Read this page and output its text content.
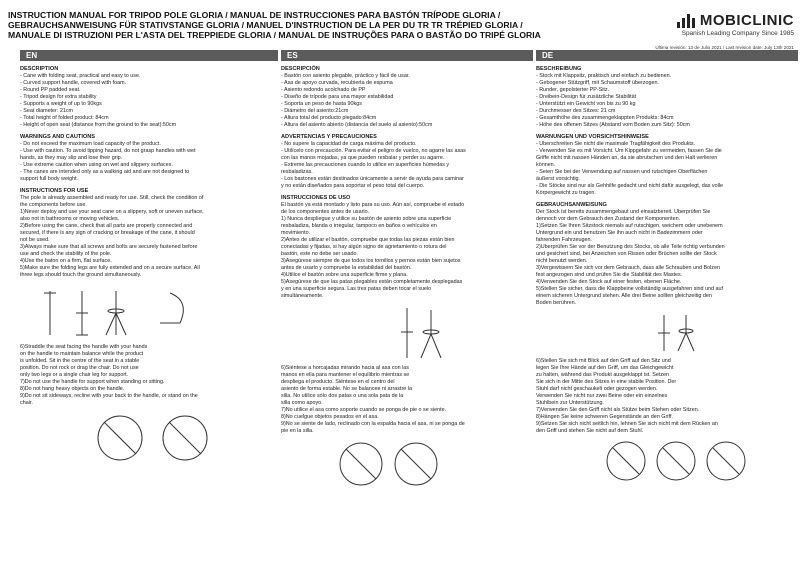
INSTRUCTION MANUAL FOR TRIPOD POLE GLORIA / MANUAL DE INSTRUCCIONES PARA BASTÓN TRÍPODE GLORIA /
GEBRAUCHSANWEISUNG FÜR STATIVSTANGE GLORIA / MANUEL D'INSTRUCTION DE LA PER DU TR TR TRÉPIED GLORIA /
MANUALE DI ISTRUZIONI PER L'ASTA DEL TREPPIEDE GLORIA / MANUAL DE INSTRUÇÕES PARA O BASTÃO DO TRIPÉ GLORIA
MOBICLINIC
Spanish Leading Company Since 1985
Última revisión: 13 de Julio 2021 / Last revision date: July 13th 2021
EN
DESCRIPTION
- Cane with folding seat, practical and easy to use.
- Curved support handle, covered with foam.
- Round PP padded seat.
- Tripod design for extra stability
- Supports a weight of up to 90kgs
- Seat diameter: 21cm
- Total height of folded product: 84cm
- Height of open seat (distance from the ground to the seat):50cm
WARNINGS AND CAUTIONS
- Do not exceed the maximum load capacity of the product.
- Use with caution. To avoid tipping hazard, do not grasp handles with wet
hands, as they may slip and lose their grip.
- Use extreme caution when using on wet and slippery surfaces.
- The canes are intended only as a walking aid and are not designed to
support full body weight.
INSTRUCTIONS FOR USE
The pole is already assembled and ready for use. Still, check the condition of
the components before use.
1)Never deploy and use your seat cane on a slippery, soft or uneven surface,
also not in bathrooms or moving vehicles.
2)Before using the cane, check that all parts are properly connected and
secured, if there is any sign of cracking or breakage of the cane, it should
not be used.
3)Always make sure that all screws and bolts are securely fastened before
use and check the stability of the pole.
4)Use the baton on a firm, flat surface.
5)Make sure the folding legs are fully extended and on a secure surface. All
three legs should touch the ground simultaneously.
6)Straddle the seat facing the handle with your hands
on the handle to maintain balance while the product
is unfolded. Sit in the centre of the seat in a stable
position. Do not rock or drag the chair. Do not use
only two legs or a single chair leg for support.
7)Do not use the handle for support when standing or sitting.
8)Do not hang heavy objects on the handle.
9)Do not sit sideways, recline with your back to the handle, or stand on the
chair.
ES
DESCRIPCIÓN
- Bastón con asiento plegable, práctico y fácil de usar.
- Asa de apoyo curvada, recubierta de espuma
- Asiento redondo acolchado de PP
- Diseño de trípode para una mayor estabilidad
- Soporta un peso de hasta 90kgs
- Diámetro del asiento:21cm
- Altura total del producto plegado:84cm
- Altura del asiento abierto (distancia del suelo al asiento):50cm
ADVERTENCIAS Y PRECAUCIONES
- No supere la capacidad de carga máxima del producto.
- Utilícelo con precaución. Para evitar el peligro de vuelco, no agarre las asas
con las manos mojadas, ya que pueden resbalar y perder su agarre.
- Extreme las precauciones cuando lo utilice en superficies húmedas y
resbaladizas.
- Los bastones están destinados únicamente a servir de ayuda para caminar
y no están diseñados para soportar el peso total del cuerpo.
INSTRUCCIONES DE USO
El bastón ya está montado y listo para su uso. Aún así, compruebe el estado
de los componentes antes de usarlo.
1) Nunca despliegue y utilice su bastón de asiento sobre una superficie
resbaladiza, blanda o irregular, tampoco en baños o vehículos en
movimiento.
2)Antes de utilizar el bastón, compruebe que todas las piezas están bien
conectadas y fijadas, si hay algún signo de agrietamiento o rotura del
bastón, este no debe ser usado.
3)Asegúrese siempre de que todos los tornillos y pernos están bien sujetos
antes de usarlo y compruebe la estabilidad del bastón.
4)Utilice el bastón sobre una superficie firme y plana.
5)Asegúrese de que las patas plegables están completamente desplegadas
y en una superficie segura. Las tres patas deben tocar el suelo
simultáneamente.
6)Siéntese a horcajadas mirando hacia al asa con las
manos en ella para mantener el equilibrio mientras se
despliega el producto. Siéntese en el centro del
asiento de forma estable. No se balancee ni arrastre la
silla. No utilice sólo dos patas o una sola pata de la
silla como apoyo.
7)No utilice el asa como soporte cuando se ponga de pie o se siente.
8)No cuelgue objetos pesados en el asa.
9)No se siente de lado, reclinado con la espalda hacia el asa, ni se ponga de
pie en la silla.
DE
BESCHREIBUNG
- Stock mit Klappsitz, praktisch und einfach zu bedienen.
- Gebogener Stützgriff, mit Schaumstoff überzogen.
- Runder, gepolsterter PP-Sitz.
- Dreibein-Design für zusätzliche Stabilität
- Unterstützt ein Gewicht von bis zu 90 kg
- Durchmesser des Sitzes: 21 cm
- Gesamthöhe des zusammengeklappten Produkts: 84cm
- Höhe des offenen Sitzes (Abstand vom Boden zum Sitz): 50cm
WARNUNGEN UND VORSICHTSHINWEISE
- Überschreiten Sie nicht die maximale Tragfähigkeit des Produkts.
- Verwenden Sie es mit Vorsicht. Um Kippgefahr zu vermeiden, fassen Sie die
Griffe nicht mit nassen Händen an, da sie abrutschen und den Halt verlieren
können.
- Seien Sie bei der Verwendung auf nassen und rutschigen Oberflächen
äußerst vorsichtig.
- Die Stöcke sind nur als Gehhilfe gedacht und nicht dafür ausgelegt, das volle
Körpergewicht zu tragen.
GEBRAUCHSANWEISUNG
Der Stock ist bereits zusammengebaut und einsatzbereit. Überprüfen Sie
dennoch vor dem Gebrauch den Zustand der Komponenten.
1)Setzen Sie Ihren Sitzstock niemals auf rutschigen, weichem oder unebenem
Untergrund ein und benutzen Sie ihn auch nicht in Badezimmern oder
fahrenden Fahrzeugen.
2)Überprüfen Sie vor der Benutzung des Stocks, ob alle Teile richtig verbunden
und gesichert sind, bei Anzeichen von Rissen oder Brüchen sollte der Stock
nicht benutzt werden.
3)Vergewissern Sie sich vor dem Gebrauch, dass alle Schrauben und Bolzen
fest angezogen sind und prüfen Sie die Stabilität des Mastes.
4)Verwenden Sie den Stock auf einer festen, ebenen Fläche.
5)Stellen Sie sicher, dass die Klappbeine vollständig ausgefahren sind und auf
einem sicheren Untergrund stehen. Alle drei Beine sollten gleichzeitig den
Boden berühren.
6)Stellen Sie sich mit Blick auf den Griff auf den Sitz und
legen Sie Ihre Hände auf den Griff, um das Gleichgewicht
zu halten, während das Produkt ausgeklappt ist. Setzen
Sie sich in der Mitte des Sitzes in eine stabile Position. Der
Stuhl darf nicht geschaukelt oder gezogen werden.
Verwenden Sie nicht nur zwei Beine oder ein einzelnes
Stuhlbein zur Unterstützung.
7)Verwenden Sie den Griff nicht als Stütze beim Stehen oder Sitzen.
8)Hängen Sie keine schweren Gegenstände an den Griff.
9)Setzen Sie sich nicht seitlich hin, lehnen Sie sich nicht mit dem Rücken an
den Griff und stehen Sie nicht auf dem Stuhl.
